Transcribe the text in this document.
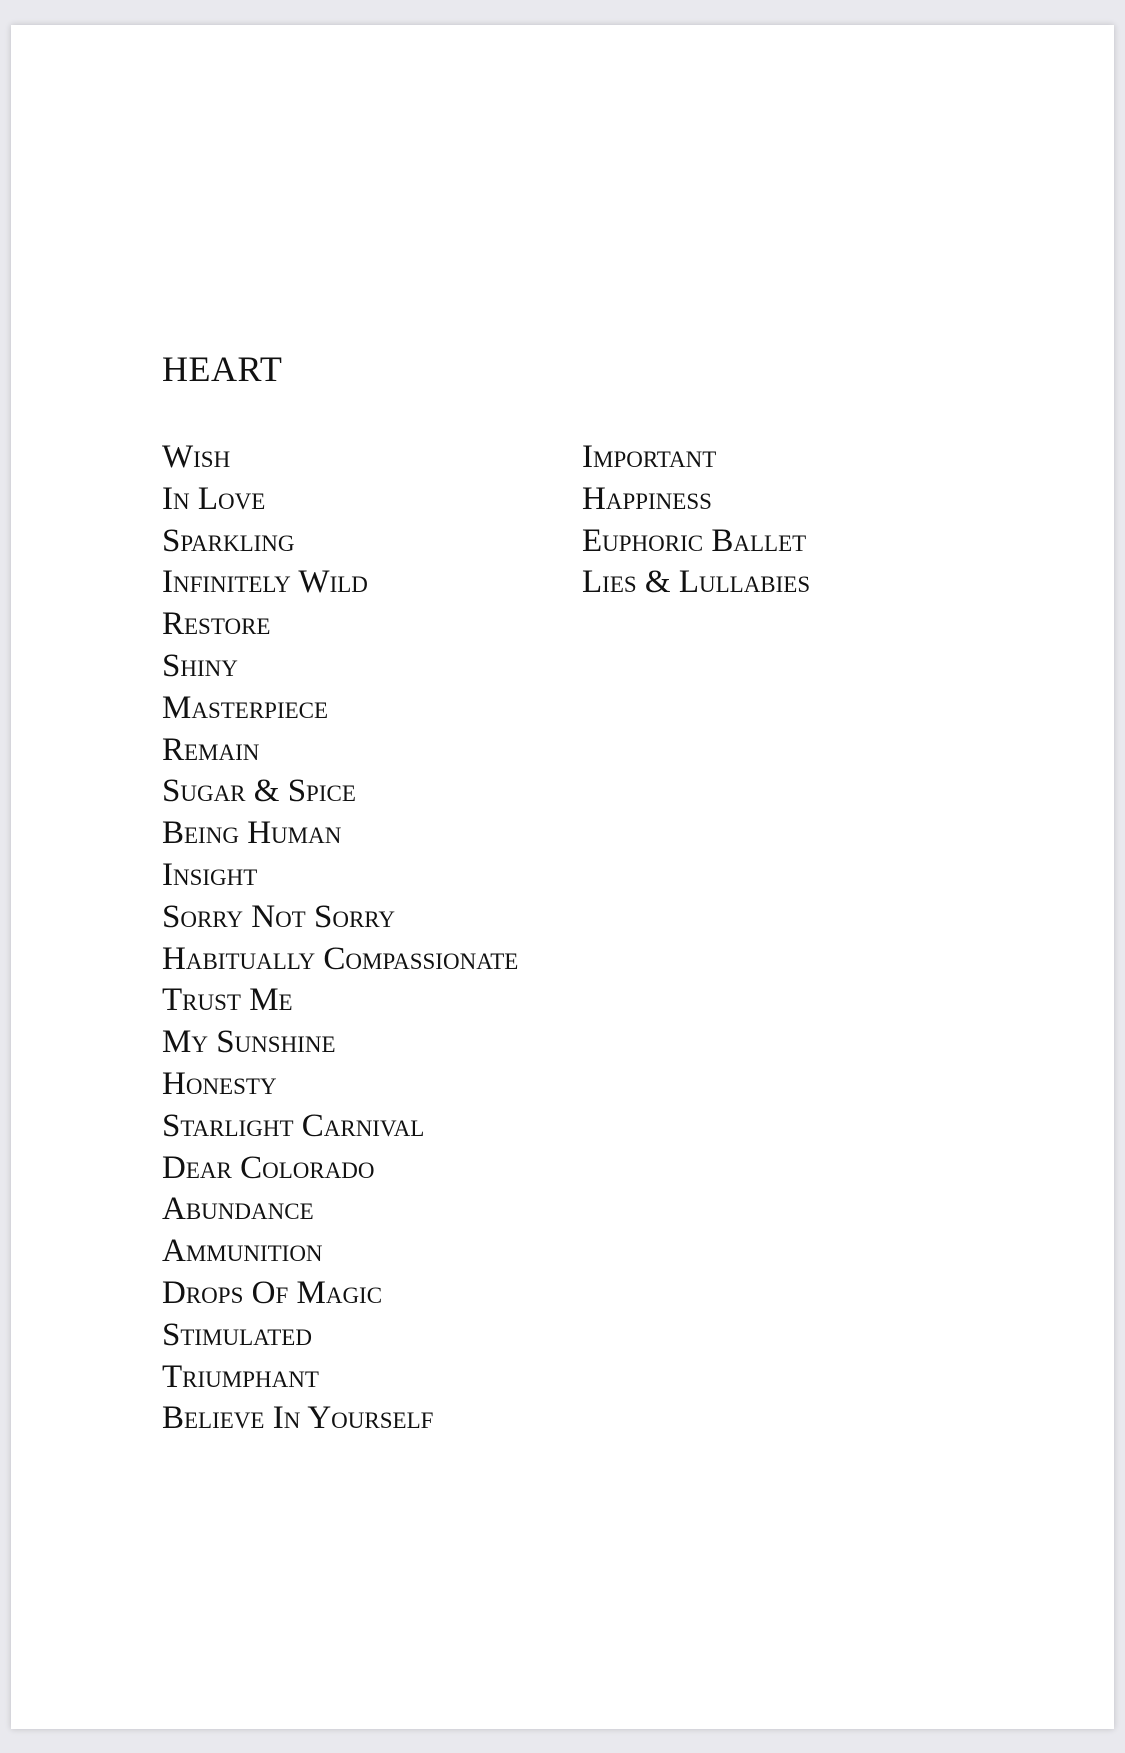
HEART
Wish
In Love
Sparkling
Infinitely Wild
Restore
Shiny
Masterpiece
Remain
Sugar & Spice
Being Human
Insight
Sorry Not Sorry
Habitually Compassionate
Trust Me
My Sunshine
Honesty
Starlight Carnival
Dear Colorado
Abundance
Ammunition
Drops Of Magic
Stimulated
Triumphant
Believe In Yourself
Important
Happiness
Euphoric Ballet
Lies & Lullabies
